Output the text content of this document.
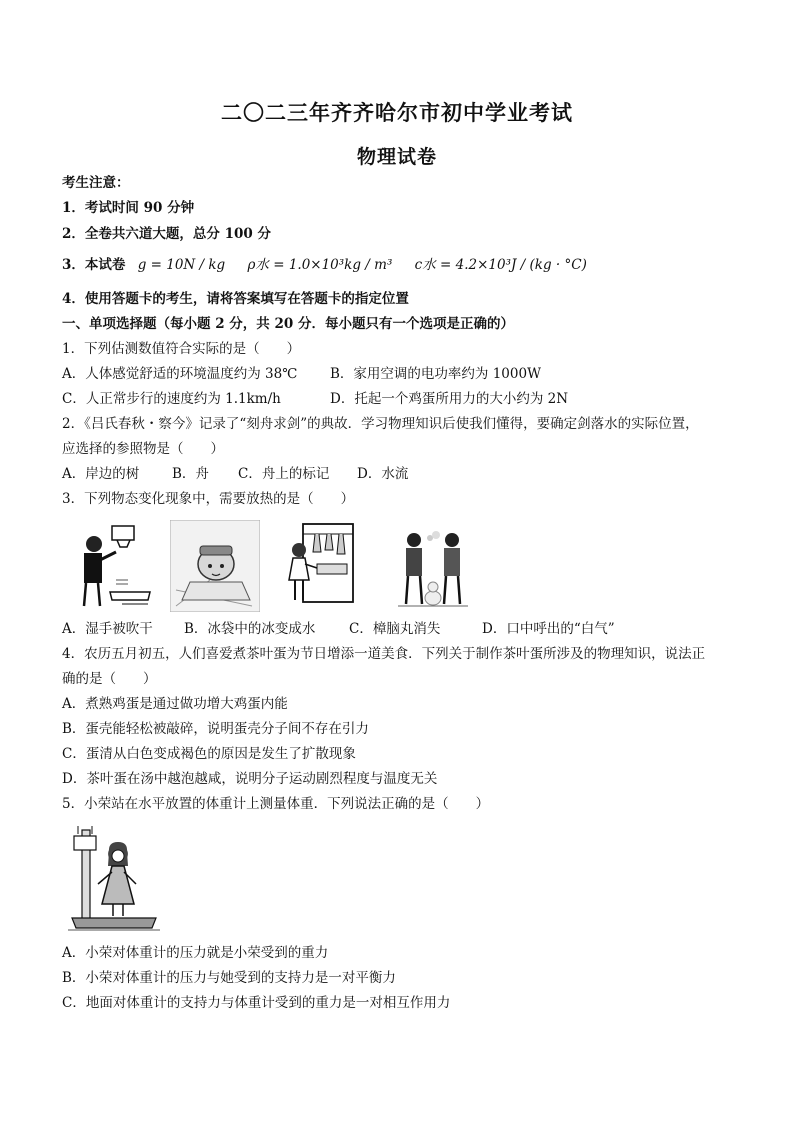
二〇二三年齐齐哈尔市初中学业考试
物理试卷
考生注意：
1．考试时间 90 分钟
2．全卷共六道大题，总分 100 分
3．本试卷 g = 10N / kg ρ水 = 1.0×10³kg / m³ c水 = 4.2×10³J / (kg · °C)
4．使用答题卡的考生，请将答案填写在答题卡的指定位置
一、单项选择题（每小题 2 分，共 20 分．每小题只有一个选项是正确的）
1．下列估测数值符合实际的是（　　）
A．人体感觉舒适的环境温度约为 38℃ B．家用空调的电功率约为 1000W
C．人正常步行的速度约为 1.1km/h	D．托起一个鸡蛋所用力的大小约为 2N
2．《吕氏春秋・察今》记录了“刻舟求剑”的典故．学习物理知识后使我们懂得，要确定剑落水的实际位置，
应选择的参照物是（　　）
A．岸边的树 B．舟 C．舟上的标记 D．水流
3．下列物态变化现象中，需要放热的是（　　）
A．湿手被吹干 B．冰袋中的冰变成水 C．樟脑丸消失	D．口中呼出的“白气”
4．农历五月初五，人们喜爱煮茶叶蛋为节日增添一道美食．下列关于制作茶叶蛋所涉及的物理知识，说法正
确的是（　　）
A．煮熟鸡蛋是通过做功增大鸡蛋内能
B．蛋壳能轻松被敲碎，说明蛋壳分子间不存在引力
C．蛋清从白色变成褐色的原因是发生了扩散现象
D．茶叶蛋在汤中越泡越咸，说明分子运动剧烈程度与温度无关
5．小荣站在水平放置的体重计上测量体重．下列说法正确的是（　　）
A．小荣对体重计的压力就是小荣受到的重力
B．小荣对体重计的压力与她受到的支持力是一对平衡力
C．地面对体重计的支持力与体重计受到的重力是一对相互作用力
